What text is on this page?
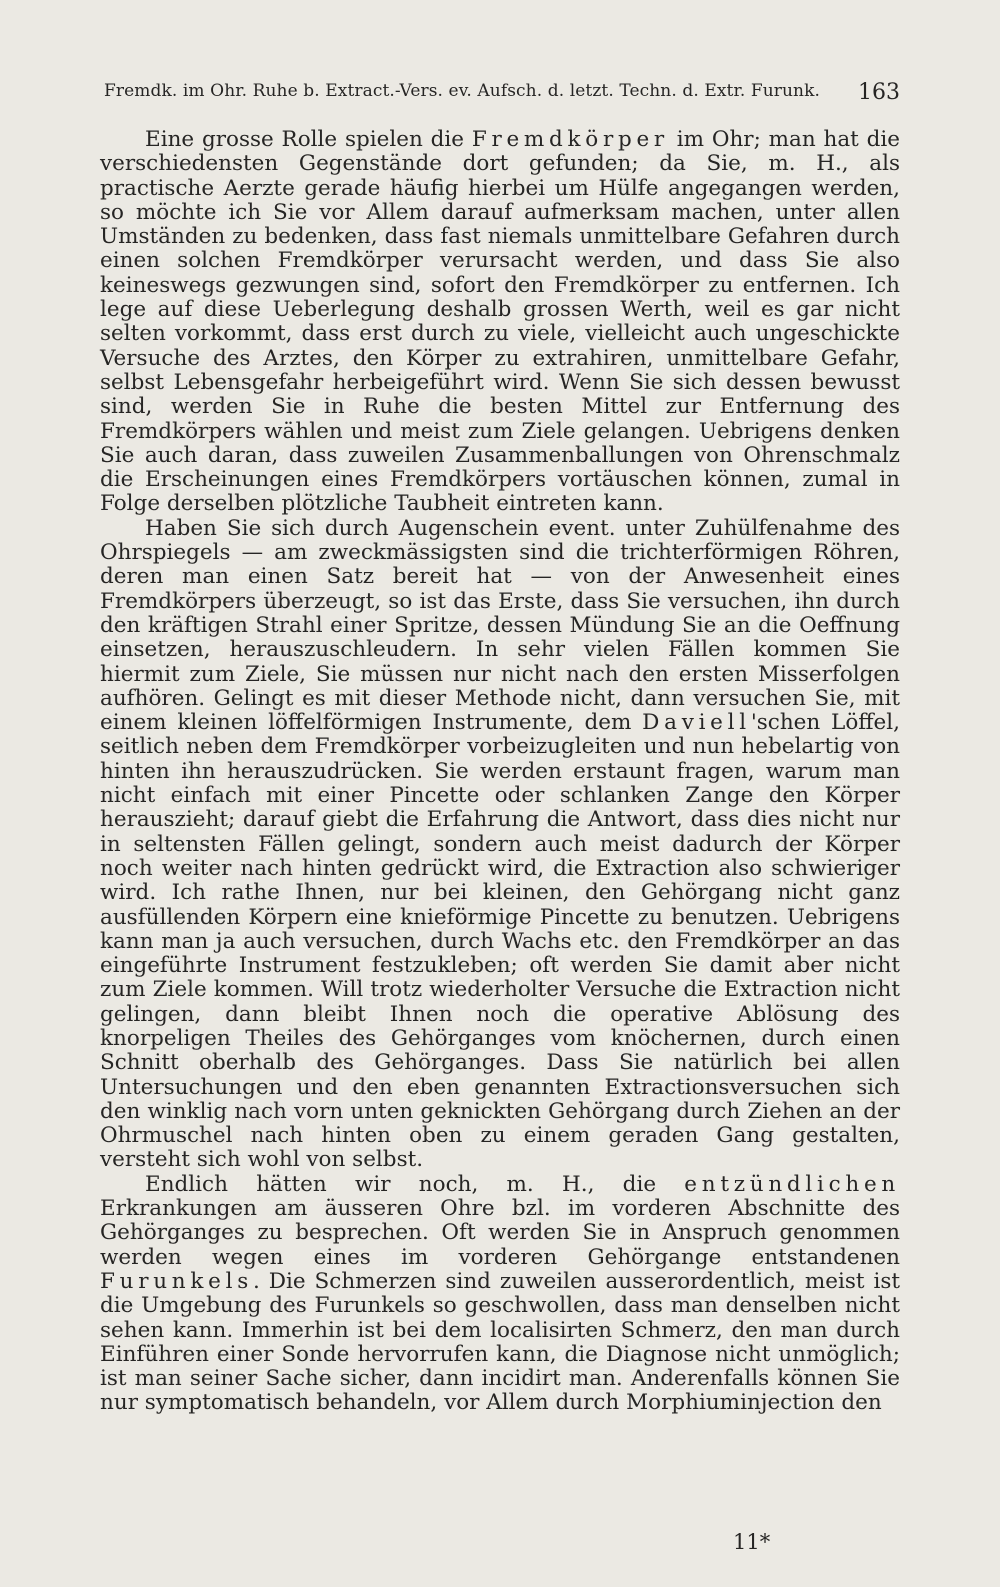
Fremdk. im Ohr. Ruhe b. Extract.-Vers. ev. Aufsch. d. letzt. Techn. d. Extr. Furunk. 163

Eine grosse Rolle spielen die Fremdkörper im Ohr; man hat die verschiedensten Gegenstände dort gefunden; da Sie, m. H., als practische Aerzte gerade häufig hierbei um Hülfe angegangen werden, so möchte ich Sie vor Allem darauf aufmerksam machen, unter allen Umständen zu bedenken, dass fast niemals unmittelbare Gefahren durch einen solchen Fremdkörper verursacht werden, und dass Sie also keineswegs gezwungen sind, sofort den Fremdkörper zu entfernen. Ich lege auf diese Ueberlegung deshalb grossen Werth, weil es gar nicht selten vorkommt, dass erst durch zu viele, vielleicht auch ungeschickte Versuche des Arztes, den Körper zu extrahiren, unmittelbare Gefahr, selbst Lebensgefahr herbeigeführt wird. Wenn Sie sich dessen bewusst sind, werden Sie in Ruhe die besten Mittel zur Entfernung des Fremdkörpers wählen und meist zum Ziele gelangen. Uebrigens denken Sie auch daran, dass zuweilen Zusammenballungen von Ohrenschmalz die Erscheinungen eines Fremdkörpers vortäuschen können, zumal in Folge derselben plötzliche Taubheit eintreten kann.

Haben Sie sich durch Augenschein event. unter Zuhülfenahme des Ohrspiegels — am zweckmässigsten sind die trichterförmigen Röhren, deren man einen Satz bereit hat — von der Anwesenheit eines Fremdkörpers überzeugt, so ist das Erste, dass Sie versuchen, ihn durch den kräftigen Strahl einer Spritze, dessen Mündung Sie an die Oeffnung einsetzen, herauszuschleudern. In sehr vielen Fällen kommen Sie hiermit zum Ziele, Sie müssen nur nicht nach den ersten Misserfolgen aufhören. Gelingt es mit dieser Methode nicht, dann versuchen Sie, mit einem kleinen löffelförmigen Instrumente, dem Daviell'schen Löffel, seitlich neben dem Fremdkörper vorbeizugleiten und nun hebelartig von hinten ihn herauszudrücken. Sie werden erstaunt fragen, warum man nicht einfach mit einer Pincette oder schlanken Zange den Körper herauszieht; darauf giebt die Erfahrung die Antwort, dass dies nicht nur in seltensten Fällen gelingt, sondern auch meist dadurch der Körper noch weiter nach hinten gedrückt wird, die Extraction also schwieriger wird. Ich rathe Ihnen, nur bei kleinen, den Gehörgang nicht ganz ausfüllenden Körpern eine knieförmige Pincette zu benutzen. Uebrigens kann man ja auch versuchen, durch Wachs etc. den Fremdkörper an das eingeführte Instrument festzukleben; oft werden Sie damit aber nicht zum Ziele kommen. Will trotz wiederholter Versuche die Extraction nicht gelingen, dann bleibt Ihnen noch die operative Ablösung des knorpeligen Theiles des Gehörganges vom knöchernen, durch einen Schnitt oberhalb des Gehörganges. Dass Sie natürlich bei allen Untersuchungen und den eben genannten Extractionsversuchen sich den winklig nach vorn unten geknickten Gehörgang durch Ziehen an der Ohrmuschel nach hinten oben zu einem geraden Gang gestalten, versteht sich wohl von selbst.

Endlich hätten wir noch, m. H., die entzündlichen Erkrankungen am äusseren Ohre bzl. im vorderen Abschnitte des Gehörganges zu besprechen. Oft werden Sie in Anspruch genommen werden wegen eines im vorderen Gehörgange entstandenen Furunkels. Die Schmerzen sind zuweilen ausserordentlich, meist ist die Umgebung des Furunkels so geschwollen, dass man denselben nicht sehen kann. Immerhin ist bei dem localisirten Schmerz, den man durch Einführen einer Sonde hervorrufen kann, die Diagnose nicht unmöglich; ist man seiner Sache sicher, dann incidirt man. Anderenfalls können Sie nur symptomatisch behandeln, vor Allem durch Morphiuminjection den

11*
